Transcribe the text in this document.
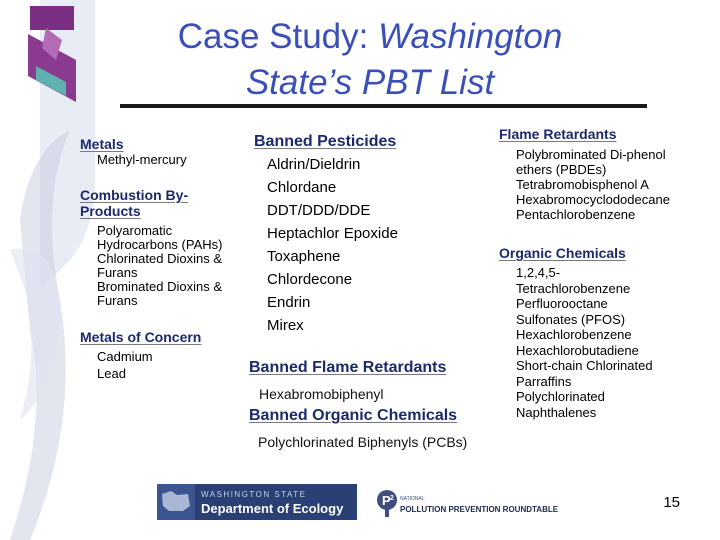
Case Study: Washington
State’s PBT List
Metals
Methyl-mercury
Combustion By-
Products
Polyaromatic
Hydrocarbons (PAHs)
Chlorinated Dioxins &
Furans
Brominated Dioxins &
Furans
Metals of Concern
Cadmium
Lead
Banned Pesticides
Aldrin/Dieldrin
Chlordane
DDT/DDD/DDE
Heptachlor Epoxide
Toxaphene
Chlordecone
Endrin
Mirex
Banned Flame Retardants
Hexabromobiphenyl
Banned Organic Chemicals
Polychlorinated Biphenyls (PCBs)
Flame Retardants
Polybrominated Di-phenol
ethers (PBDEs)
Tetrabromobisphenol A
Hexabromocyclododecane
Pentachlorobenzene
Organic Chemicals
1,2,4,5-
Tetrachlorobenzene
Perfluorooctane
Sulfonates (PFOS)
Hexachlorobenzene
Hexachlorobutadiene
Short-chain Chlorinated
Parraffins
Polychlorinated
Naphthalenes
WASHINGTON STATE
Department of Ecology
P 2 NATIONAL
POLLUTION PREVENTION ROUNDTABLE	15
